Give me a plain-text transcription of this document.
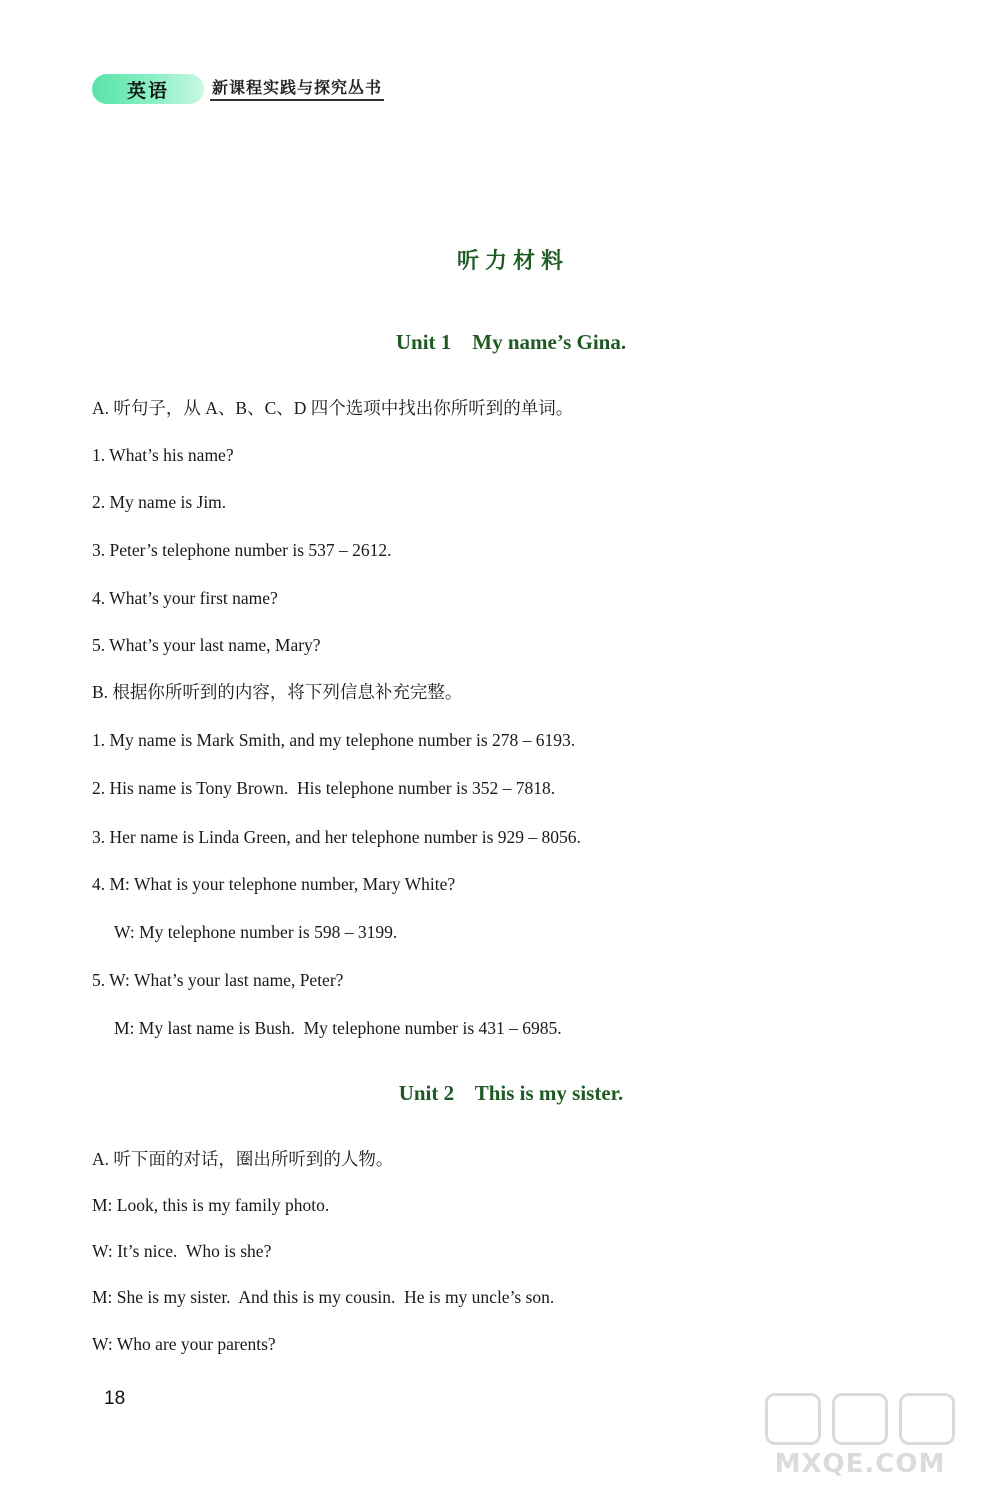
英语	新课程实践与探究丛书
听力材料
Unit 1    My name’s Gina.
A. 听句子，从 A、B、C、D 四个选项中找出你所听到的单词。
1. What’s his name?
2. My name is Jim.
3. Peter’s telephone number is 537 – 2612.
4. What’s your first name?
5. What’s your last name, Mary?
B. 根据你所听到的内容，将下列信息补充完整。
1. My name is Mark Smith, and my telephone number is 278 – 6193.
2. His name is Tony Brown.  His telephone number is 352 – 7818.
3. Her name is Linda Green, and her telephone number is 929 – 8056.
4. M: What is your telephone number, Mary White?
W: My telephone number is 598 – 3199.
5. W: What’s your last name, Peter?
M: My last name is Bush.  My telephone number is 431 – 6985.
Unit 2    This is my sister.
A. 听下面的对话，圈出所听到的人物。
M: Look, this is my family photo.
W: It’s nice.  Who is she?
M: She is my sister.  And this is my cousin.  He is my uncle’s son.
W: Who are your parents?
18
MXQE.COM
